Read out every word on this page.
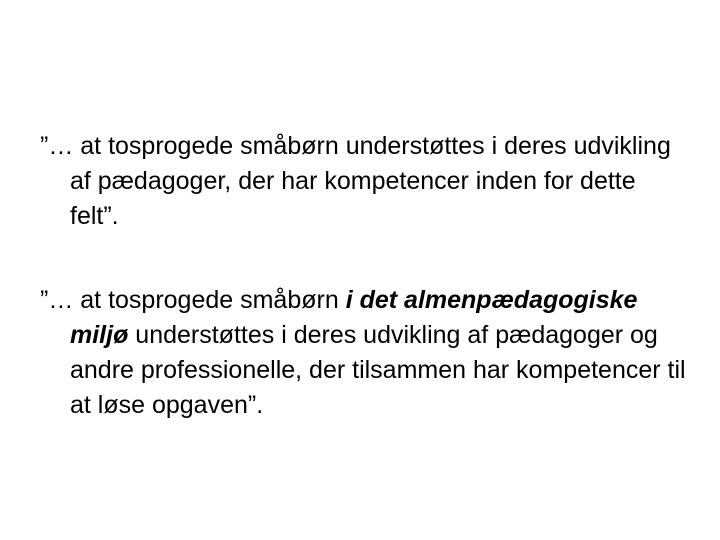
”… at tosprogede småbørn understøttes i deres udvikling af pædagoger, der har kompetencer inden for dette felt”.

”… at tosprogede småbørn i det almenpædagogiske miljø understøttes i deres udvikling af pædagoger og andre professionelle, der tilsammen har kompetencer til at løse opgaven”.
